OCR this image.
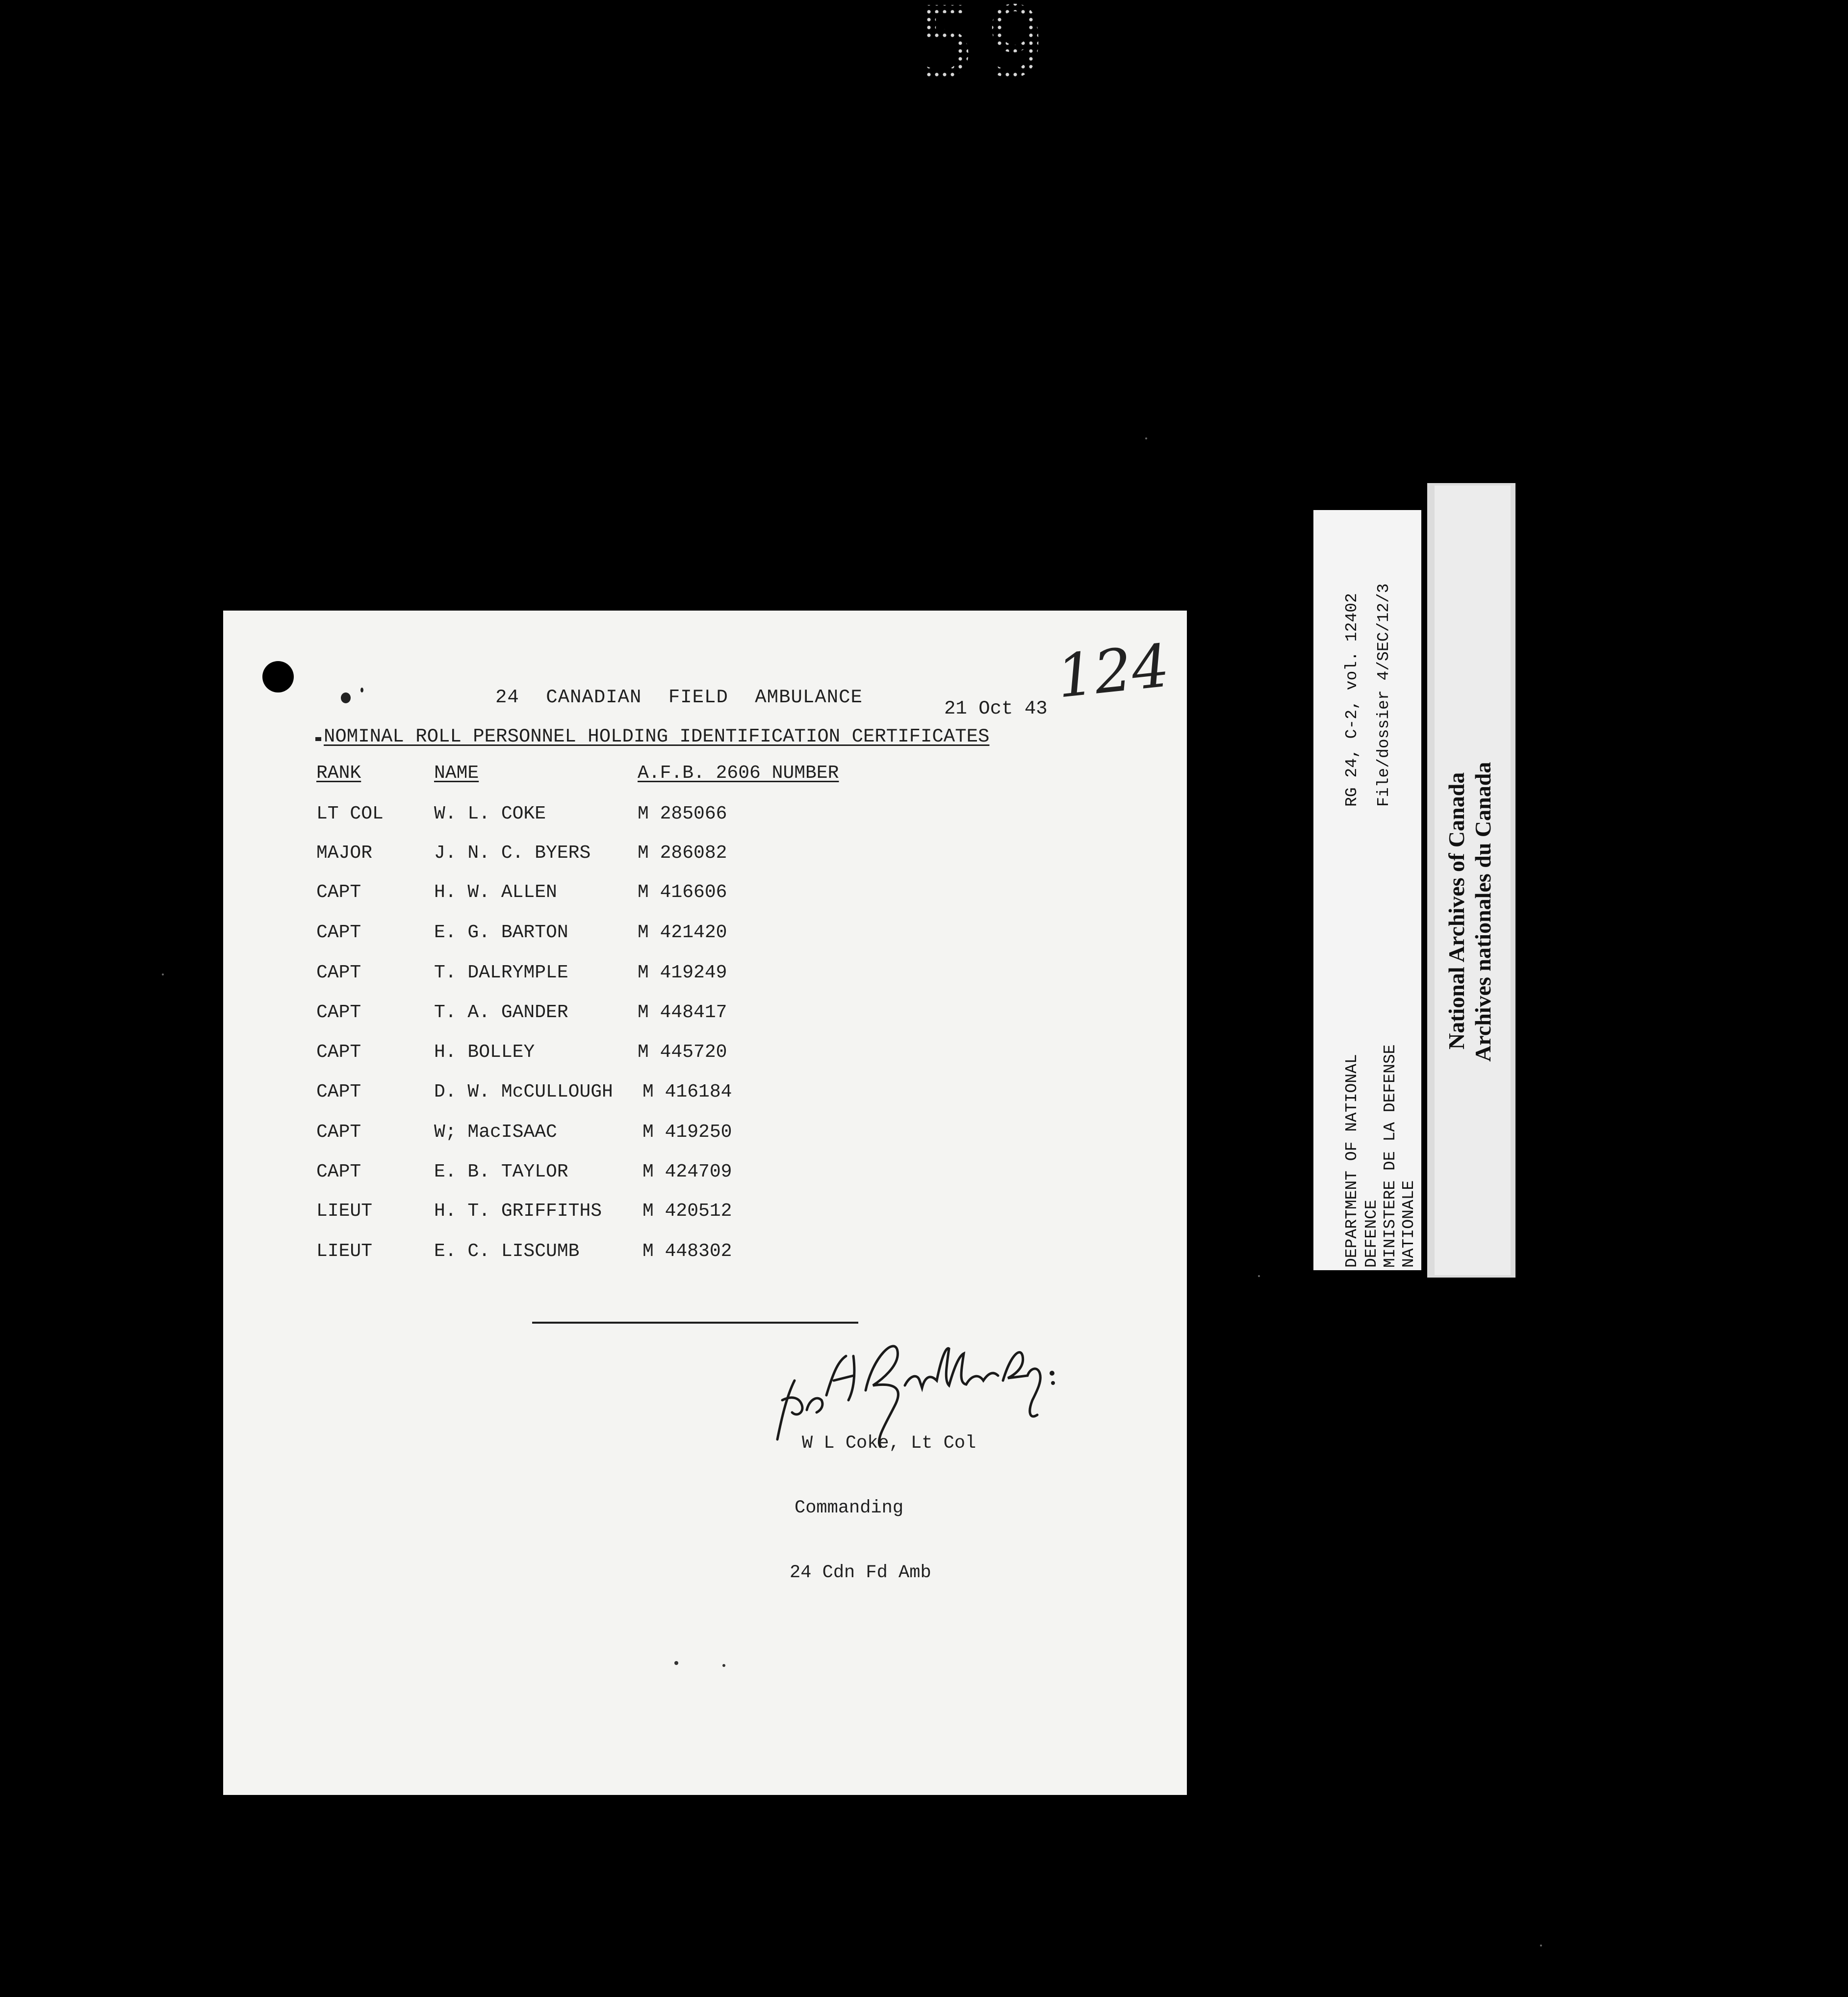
59
124
24 CANADIAN FIELD AMBULANCE
21 Oct 43
NOMINAL ROLL PERSONNEL HOLDING IDENTIFICATION CERTIFICATES
RANK	NAME	A.F.B. 2606 NUMBER
LT COL	W. L. COKE	M 285066
MAJOR	J. N. C. BYERS	M 286082
CAPT	H. W. ALLEN	M 416606
CAPT	E. G. BARTON	M 421420
CAPT	T. DALRYMPLE	M 419249
CAPT	T. A. GANDER	M 448417
CAPT	H. BOLLEY	M 445720
CAPT	D. W. McCULLOUGH M 416184
CAPT	W; MacISAAC	M 419250
CAPT	E. B. TAYLOR	M 424709
LIEUT	H. T. GRIFFITHS M 420512
LIEUT	E. C. LISCUMB	M 448302

W L Coke, Lt Col

Commanding

24 Cdn Fd Amb

DEPARTMENT OF NATIONAL DEFENCE MINISTERE DE LA DEFENSE NATIONALE
RG 24, C-2, vol. 12402 File/dossier 4/SEC/12/3
National Archives of Canada Archives nationales du Canada
